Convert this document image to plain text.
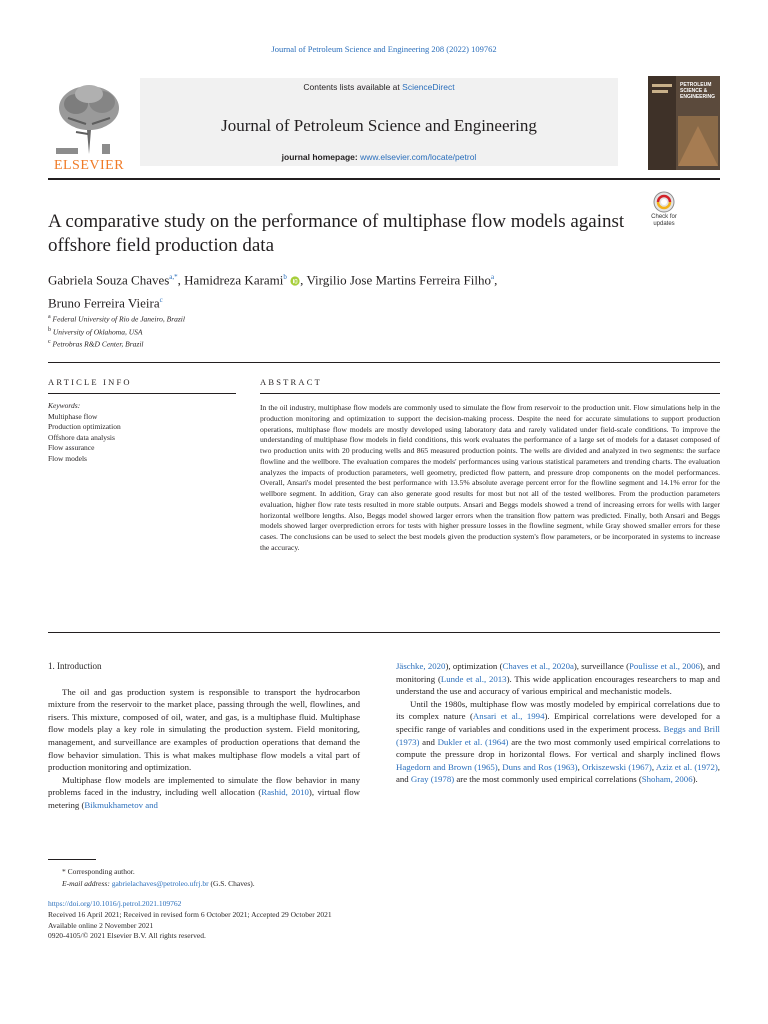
Journal of Petroleum Science and Engineering 208 (2022) 109762
ELSEVIER
Contents lists available at ScienceDirect
Journal of Petroleum Science and Engineering
journal homepage: www.elsevier.com/locate/petrol
PETROLEUM SCIENCE & ENGINEERING
A comparative study on the performance of multiphase flow models against offshore field production data
Check for updates
Gabriela Souza Chaves$^{a,*}$, Hamidreza Karami$^b$ , Virgilio Jose Martins Ferreira Filho$^a$,
Bruno Ferreira Vieira$^c$
$^a$ Federal University of Rio de Janeiro, Brazil
$^b$ University of Oklahoma, USA
$^c$ Petrobras R&D Center, Brazil
ARTICLE INFO	ABSTRACT
Keywords:
Multiphase flow
Production optimization
Offshore data analysis
Flow assurance
Flow models
In the oil industry, multiphase flow models are commonly used to simulate the flow from reservoir to the production unit. Flow simulations help in the production monitoring and optimization to support the decision-making process. Despite the need for accurate simulations to support production operations, multiphase flow models are mostly developed using laboratory data and rarely validated under field-scale conditions. To improve the understanding of multiphase flow models in field conditions, this work evaluates the performance of a large set of models for a dataset composed of two production units with 20 producing wells and 865 measured production points. The wells are divided and analyzed in two segments: the surface flowline and the wellbore. The evaluation compares the models' performances using various statistical parameters and trending charts. The evaluation analyzes the impacts of production parameters, well geometry, predicted flow pattern, and pressure drop components on the model performances. Overall, Ansari's model presented the best performance with 13.5% absolute average percent error for the flowline segment and 14.1% error for the wellbore segment. In addition, Gray can also generate good results for most but not all of the tested wellbores. From the production parameters evaluation, higher flow rate tests resulted in more stable outputs. Ansari and Beggs models showed a trend of increasing errors for wells with larger horizontal wellbore lengths. Also, Beggs model showed larger errors when the transition flow pattern was predicted. Finally, both Ansari and Beggs models showed larger overprediction errors for tests with higher pressure losses in the flowline segment, while Gray showed smaller errors for these cases. The conclusions can be used to select the best models given the production system's flow parameters, or be incorporated in systems to increase the accuracy.
1. Introduction

The oil and gas production system is responsible to transport the hydrocarbon mixture from the reservoir to the market place, passing through the well, flowlines, and risers. This mixture, composed of oil, water, and gas, is a multiphase fluid. Multiphase flow models play a key role in simulating the production system. Field monitoring, management, and surveillance are examples of production operations that demand the flow behavior simulation. This is what makes multiphase flow models a vital part of production monitoring and optimization.

Multiphase flow models are implemented to simulate the flow behavior in many problems faced in the industry, including well allocation (Rashid, 2010), virtual flow metering (Bikmukhametov and

Jäschke, 2020), optimization (Chaves et al., 2020a), surveillance (Poulisse et al., 2006), and monitoring (Lunde et al., 2013). This wide application encourages researchers to map and understand the use and accuracy of various empirical and mechanistic models.

Until the 1980s, multiphase flow was mostly modeled by empirical correlations due to its complex nature (Ansari et al., 1994). Empirical correlations were developed for a specific range of variables and conditions used in the experiment process. Beggs and Brill (1973) and Dukler et al. (1964) are the two most commonly used empirical correlations to compute the pressure drop in horizontal flows. For vertical and sharply inclined flows Hagedorn and Brown (1965), Duns and Ros (1963), Orkiszewski (1967), Aziz et al. (1972), and Gray (1978) are the most commonly used empirical correlations (Shoham, 2006).

* Corresponding author.
E-mail address: gabrielachaves@petroleo.ufrj.br (G.S. Chaves).
https://doi.org/10.1016/j.petrol.2021.109762
Received 16 April 2021; Received in revised form 6 October 2021; Accepted 29 October 2021
Available online 2 November 2021
0920-4105/© 2021 Elsevier B.V. All rights reserved.
